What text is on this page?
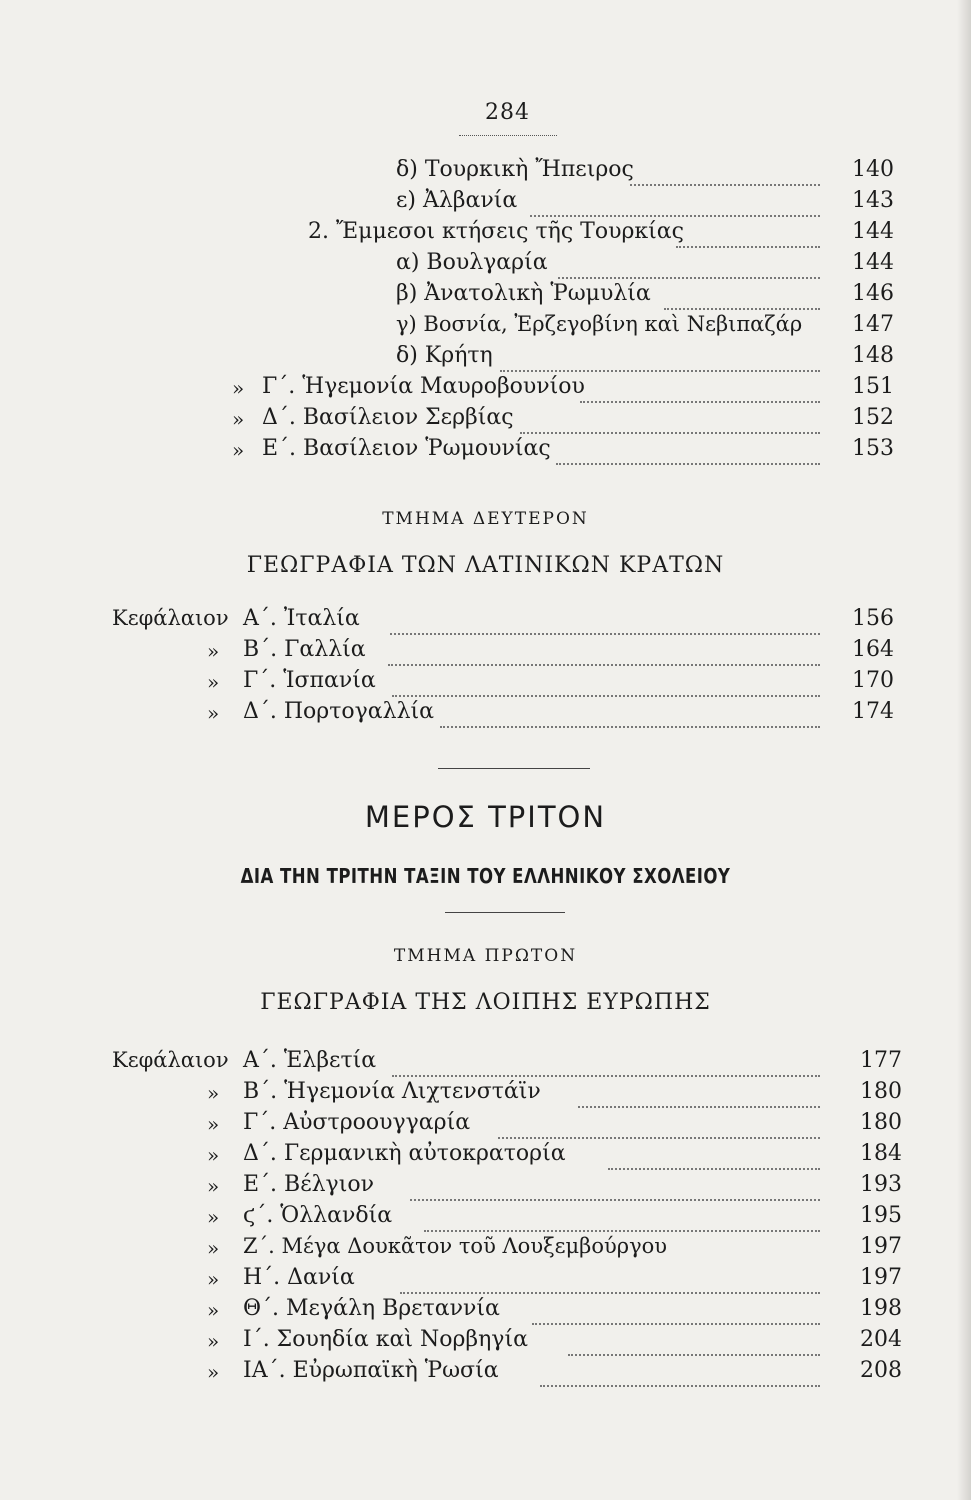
284
δ) Τουρκικὴ Ἤπειρος	140
ε) Ἀλβανία	143
2. Ἔμμεσοι κτήσεις τῆς Τουρκίας	144
α) Βουλγαρία	144
β) Ἀνατολικὴ Ῥωμυλία	146
γ) Βοσνία, Ἐρζεγοβίνη καὶ Νεβιπαζάρ	147
δ) Κρήτη	148
» Γ΄. Ἡγεμονία Μαυροβουνίου	151
» Δ΄. Βασίλειον Σερβίας	152
» Ε΄. Βασίλειον Ῥωμουνίας	153
ΤΜΗΜΑ ΔΕΥΤΕΡΟΝ
ΓΕΩΓΡΑΦΙΑ ΤΩΝ ΛΑΤΙΝΙΚΩΝ ΚΡΑΤΩΝ
Κεφάλαιον Α΄. Ἰταλία	156
» Β΄. Γαλλία	164
» Γ΄. Ἱσπανία	170
» Δ΄. Πορτογαλλία	174
ΜΕΡΟΣ ΤΡΙΤΟΝ
ΔΙΑ ΤΗΝ ΤΡΙΤΗΝ ΤΑΞΙΝ ΤΟΥ ΕΛΛΗΝΙΚΟΥ ΣΧΟΛΕΙΟΥ
ΤΜΗΜΑ ΠΡΩΤΟΝ
ΓΕΩΓΡΑΦΙΑ ΤΗΣ ΛΟΙΠΗΣ ΕΥΡΩΠΗΣ
Κεφάλαιον Α΄. Ἑλβετία	177
» Β΄. Ἡγεμονία Λιχτενστάϊν	180
» Γ΄. Αὐστροουγγαρία	180
» Δ΄. Γερμανικὴ αὐτοκρατορία	184
» Ε΄. Βέλγιον	193
» ϛ΄. Ὁλλανδία	195
» Ζ΄. Μέγα Δουκᾶτον τοῦ Λουξεμβούργου	197
» Η΄. Δανία	197
» Θ΄. Μεγάλη Βρεταννία	198
» Ι΄. Σουηδία καὶ Νορβηγία	204
» ΙΑ΄. Εὐρωπαϊκὴ Ῥωσία	208
